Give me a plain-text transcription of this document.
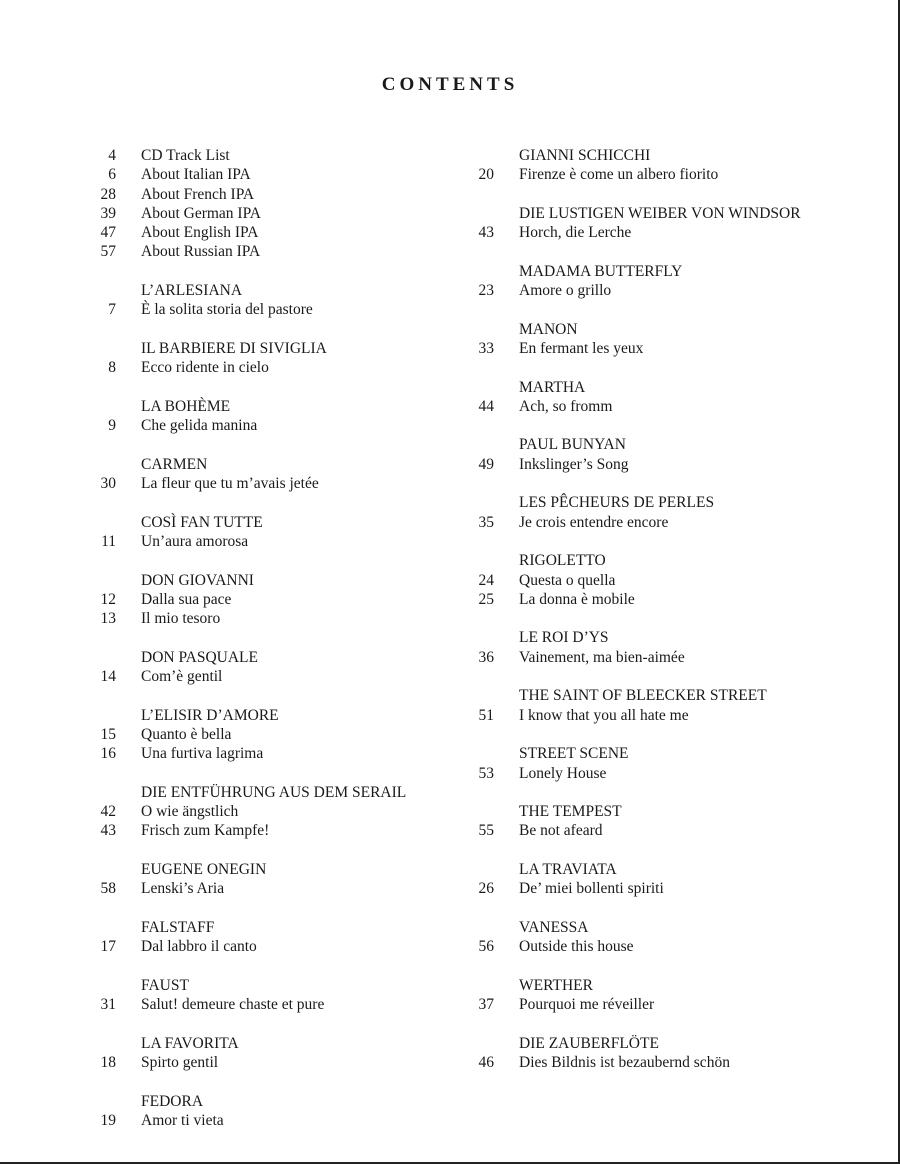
CONTENTS
4 CD Track List
6 About Italian IPA
28 About French IPA
39 About German IPA
47 About English IPA
57 About Russian IPA
L’ARLESIANA
7 È la solita storia del pastore
IL BARBIERE DI SIVIGLIA
8 Ecco ridente in cielo
LA BOHÈME
9 Che gelida manina
CARMEN
30 La fleur que tu m’avais jetée
COSÌ FAN TUTTE
11 Un’aura amorosa
DON GIOVANNI
12 Dalla sua pace
13 Il mio tesoro
DON PASQUALE
14 Com’è gentil
L’ELISIR D’AMORE
15 Quanto è bella
16 Una furtiva lagrima
DIE ENTFÜHRUNG AUS DEM SERAIL
42 O wie ängstlich
43 Frisch zum Kampfe!
EUGENE ONEGIN
58 Lenski’s Aria
FALSTAFF
17 Dal labbro il canto
FAUST
31 Salut! demeure chaste et pure
LA FAVORITA
18 Spirto gentil
FEDORA
19 Amor ti vieta
GIANNI SCHICCHI
20 Firenze è come un albero fiorito
DIE LUSTIGEN WEIBER VON WINDSOR
43 Horch, die Lerche
MADAMA BUTTERFLY
23 Amore o grillo
MANON
33 En fermant les yeux
MARTHA
44 Ach, so fromm
PAUL BUNYAN
49 Inkslinger’s Song
LES PÊCHEURS DE PERLES
35 Je crois entendre encore
RIGOLETTO
24 Questa o quella
25 La donna è mobile
LE ROI D’YS
36 Vainement, ma bien-aimée
THE SAINT OF BLEECKER STREET
51 I know that you all hate me
STREET SCENE
53 Lonely House
THE TEMPEST
55 Be not afeard
LA TRAVIATA
26 De’ miei bollenti spiriti
VANESSA
56 Outside this house
WERTHER
37 Pourquoi me réveiller
DIE ZAUBERFLÖTE
46 Dies Bildnis ist bezaubernd schön
